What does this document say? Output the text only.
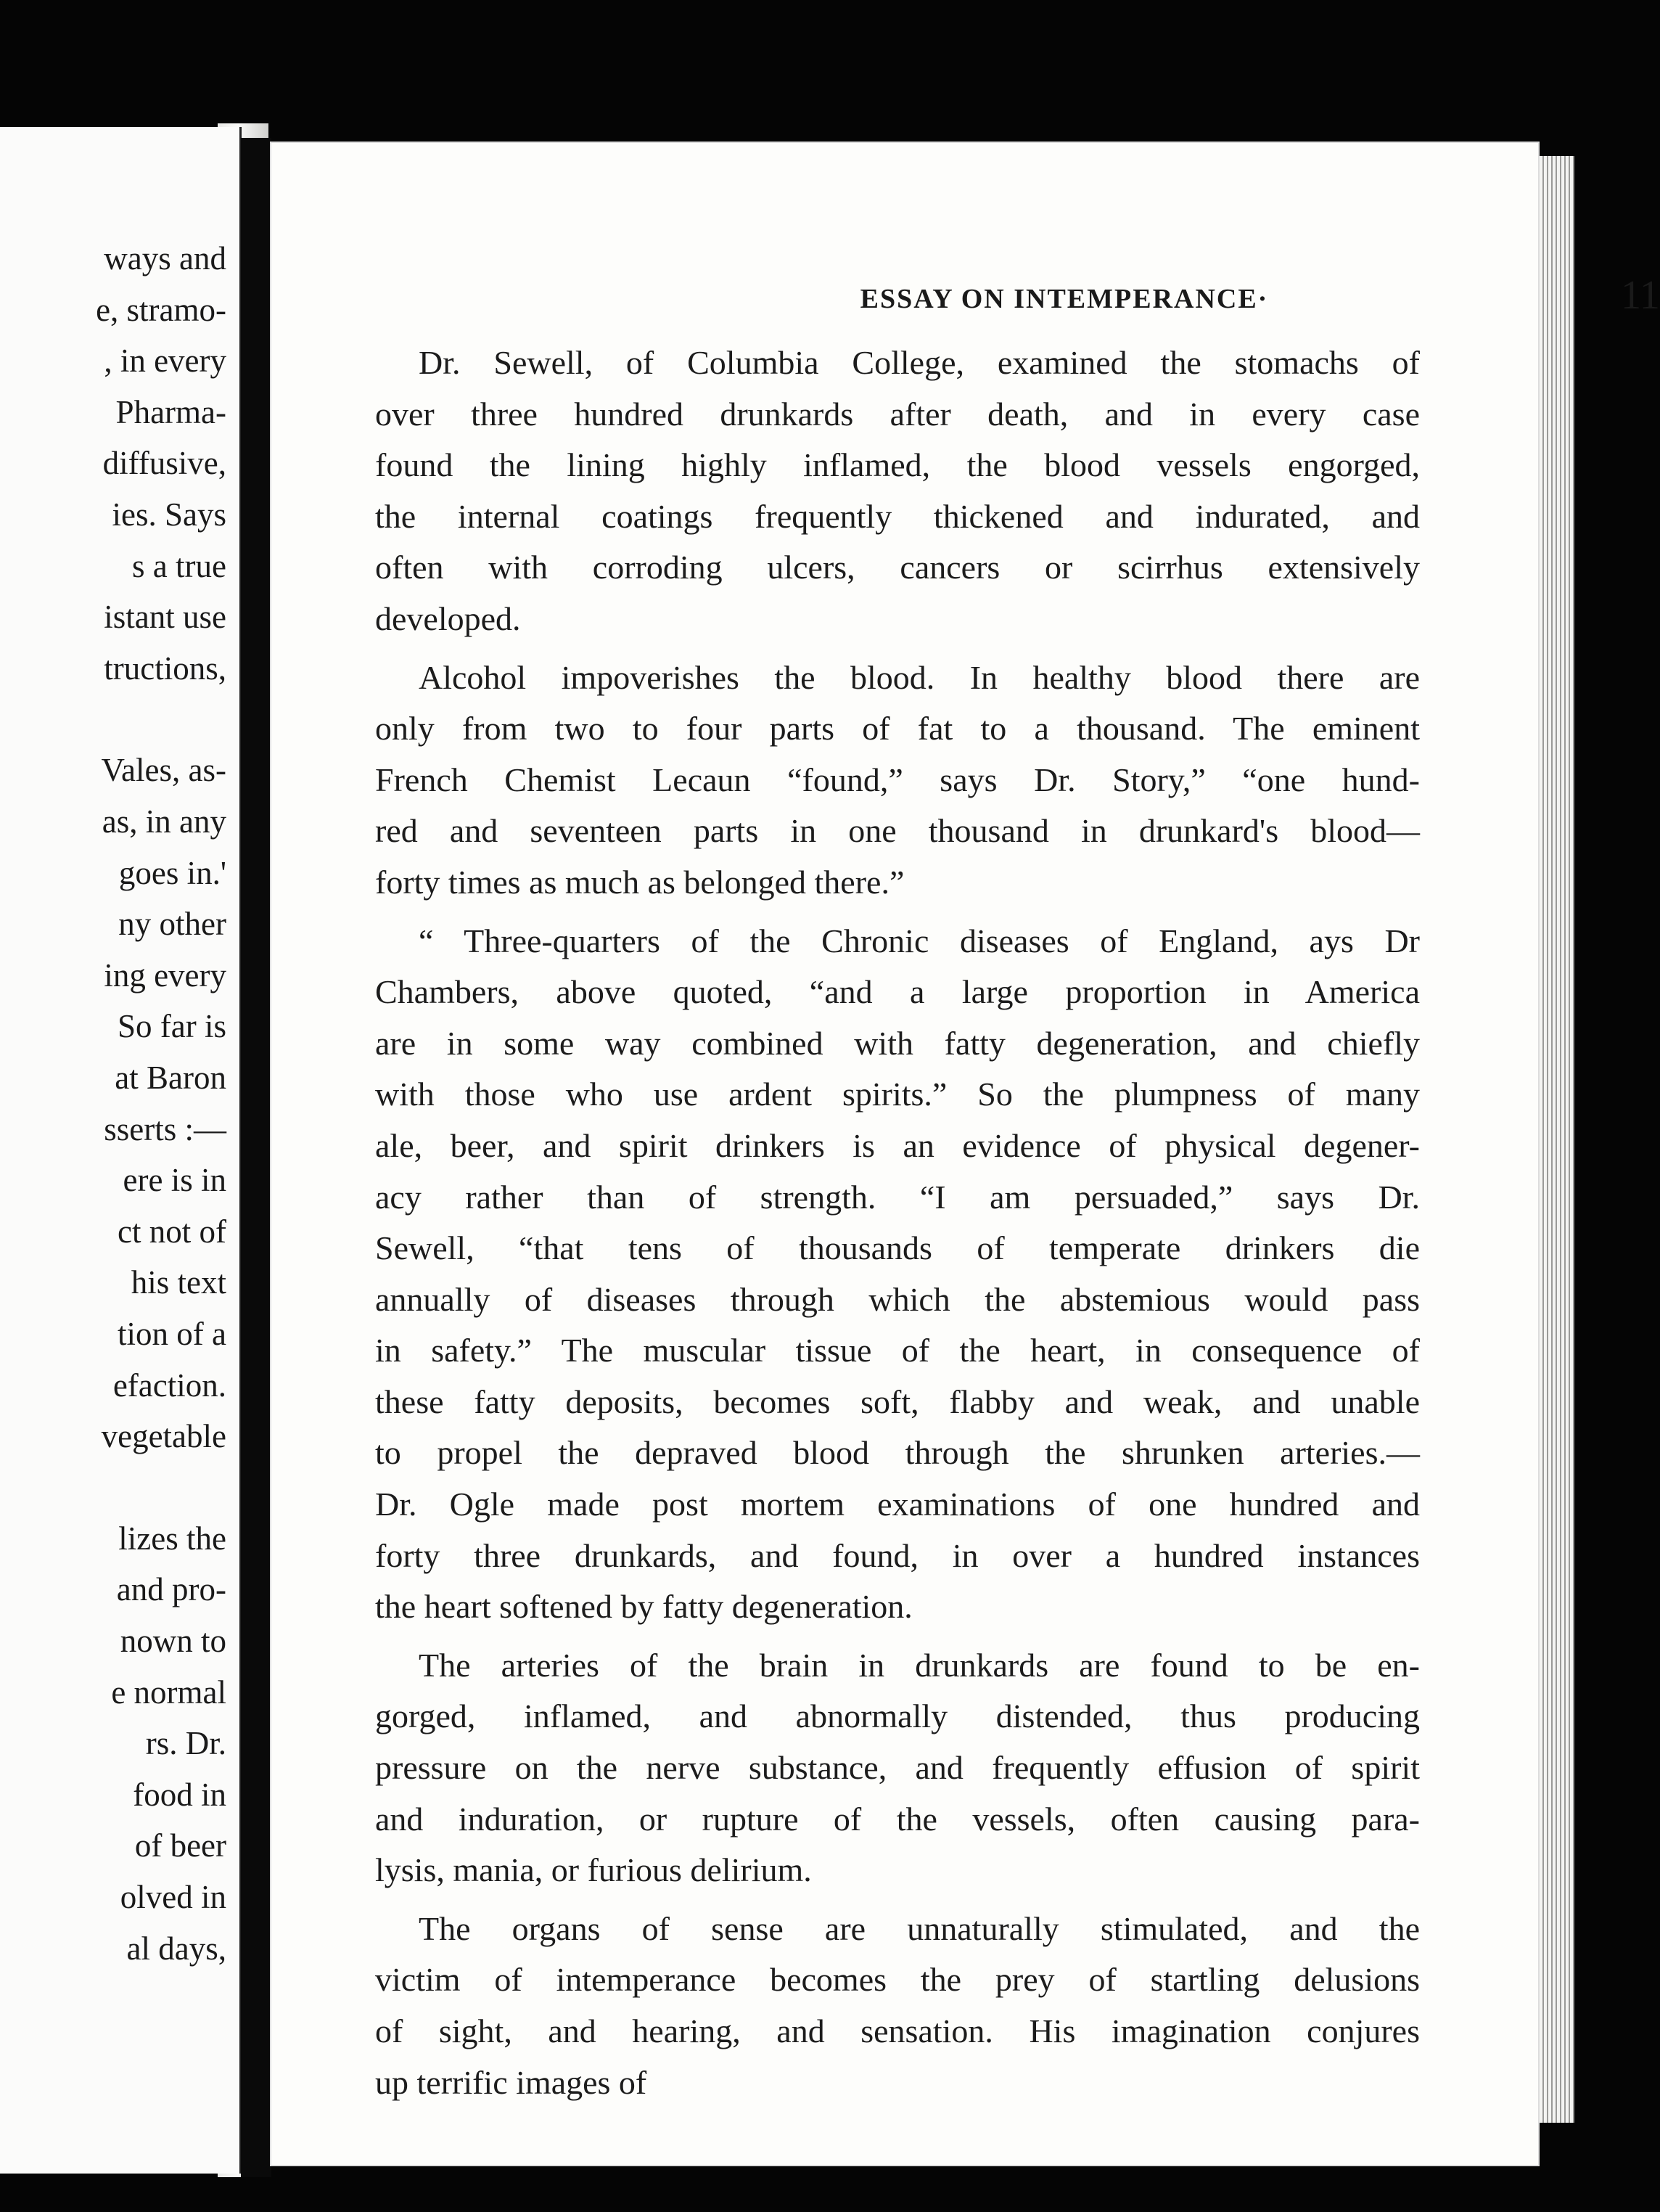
ways and
e, stramo-
, in every
Pharma-
diffusive,
ies. Says
s a true
istant use
tructions,
Vales, as-
as, in any
goes in.'
ny other
ing every
So far is
at Baron
sserts :—
ere is in
ct not of
his text
tion of a
efaction.
vegetable
lizes the
and pro-
nown to
e normal
rs. Dr.
food in
of beer
olved in
al days,
ESSAY ON INTEMPERANCE·	11
Dr. Sewell, of Columbia College, examined the stomachs of
over three hundred drunkards after death, and in every case
found the lining highly inflamed, the blood vessels engorged,
the internal coatings frequently thickened and indurated, and
often with corroding ulcers, cancers or scirrhus extensively
developed.
Alcohol impoverishes the blood. In healthy blood there are
only from two to four parts of fat to a thousand. The eminent
French Chemist Lecaun “found,” says Dr. Story,” “one hund-
red and seventeen parts in one thousand in drunkard's blood—
forty times as much as belonged there.”
“ Three-quarters of the Chronic diseases of England, ays Dr
Chambers, above quoted, “and a large proportion in America
are in some way combined with fatty degeneration, and chiefly
with those who use ardent spirits.” So the plumpness of many
ale, beer, and spirit drinkers is an evidence of physical degener-
acy rather than of strength. “I am persuaded,” says Dr.
Sewell, “that tens of thousands of temperate drinkers die
annually of diseases through which the abstemious would pass
in safety.” The muscular tissue of the heart, in consequence of
these fatty deposits, becomes soft, flabby and weak, and unable
to propel the depraved blood through the shrunken arteries.—
Dr. Ogle made post mortem examinations of one hundred and
forty three drunkards, and found, in over a hundred instances
the heart softened by fatty degeneration.
The arteries of the brain in drunkards are found to be en-
gorged, inflamed, and abnormally distended, thus producing
pressure on the nerve substance, and frequently effusion of spirit
and induration, or rupture of the vessels, often causing para-
lysis, mania, or furious delirium.
The organs of sense are unnaturally stimulated, and the
victim of intemperance becomes the prey of startling delusions
of sight, and hearing, and sensation. His imagination conjures
up terrific images of
